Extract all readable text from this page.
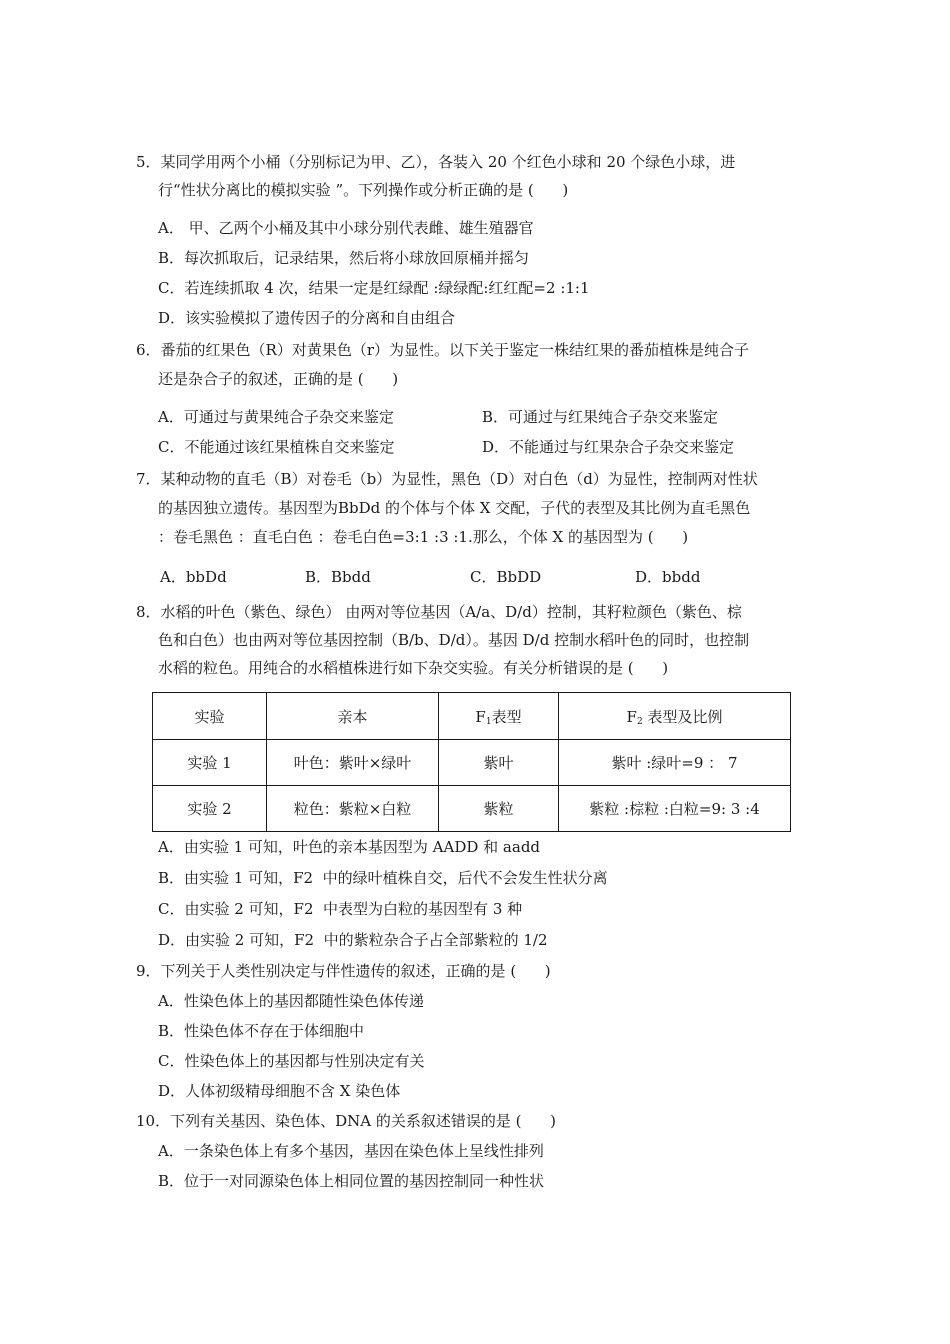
5．某同学用两个小桶（分别标记为甲、乙），各装入 20 个红色小球和 20 个绿色小球，进
行“性状分离比的模拟实验 ”。下列操作或分析正确的是 (      )
A． 甲、乙两个小桶及其中小球分别代表雌、雄生殖器官
B．每次抓取后，记录结果，然后将小球放回原桶并摇匀
C．若连续抓取 4 次，结果一定是红绿配 :绿绿配:红红配=2 :1:1
D．该实验模拟了遗传因子的分离和自由组合
6．番茄的红果色（R）对黄果色（r）为显性。以下关于鉴定一株结红果的番茄植株是纯合子
还是杂合子的叙述，正确的是 (      )
A．可通过与黄果纯合子杂交来鉴定	B．可通过与红果纯合子杂交来鉴定
C．不能通过该红果植株自交来鉴定	D．不能通过与红果杂合子杂交来鉴定
7．某种动物的直毛（B）对卷毛（b）为显性，黑色（D）对白色（d）为显性，控制两对性状
的基因独立遗传。基因型为BbDd 的个体与个体 X 交配，子代的表型及其比例为直毛黑色
：卷毛黑色 ：直毛白色 ：卷毛白色=3:1 :3 :1.那么，个体 X 的基因型为 (      )
A．bbDd	B．Bbdd	C．BbDD	D．bbdd
8．水稻的叶色（紫色、绿色） 由两对等位基因（A/a、D/d）控制，其籽粒颜色（紫色、棕
色和白色）也由两对等位基因控制（B/b、D/d）。基因 D/d 控制水稻叶色的同时，也控制
水稻的粒色。用纯合的水稻植株进行如下杂交实验。有关分析错误的是 (      )
实验	亲本	$F_1$表型	$F_2$ 表型及比例
实验 1	叶色：紫叶×绿叶	紫叶	紫叶 :绿叶=9 ： 7
实验 2	粒色：紫粒×白粒	紫粒	紫粒 :棕粒 :白粒=9: 3 :4
A．由实验 1 可知，叶色的亲本基因型为 AADD 和 aadd
B．由实验 1 可知，F2  中的绿叶植株自交，后代不会发生性状分离
C．由实验 2 可知，F2  中表型为白粒的基因型有 3 种
D．由实验 2 可知，F2  中的紫粒杂合子占全部紫粒的 1/2
9．下列关于人类性别决定与伴性遗传的叙述，正确的是 (      )
A．性染色体上的基因都随性染色体传递
B．性染色体不存在于体细胞中
C．性染色体上的基因都与性别决定有关
D．人体初级精母细胞不含 X 染色体
10．下列有关基因、染色体、DNA 的关系叙述错误的是 (      )
A．一条染色体上有多个基因，基因在染色体上呈线性排列
B．位于一对同源染色体上相同位置的基因控制同一种性状
